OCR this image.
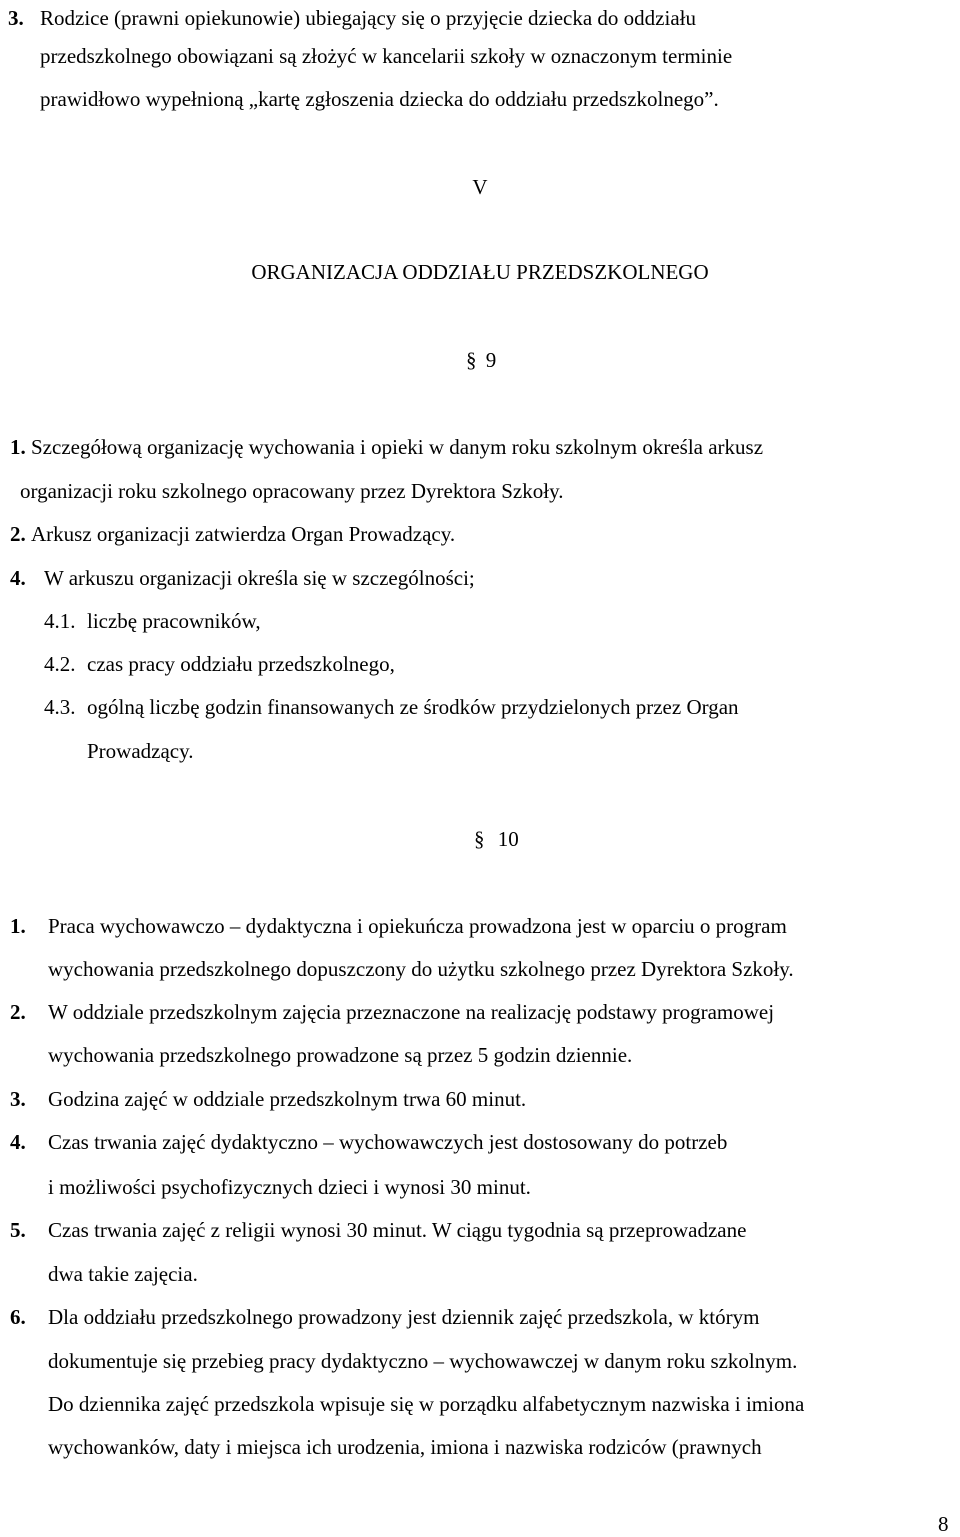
3. Rodzice (prawni opiekunowie) ubiegający się o przyjęcie dziecka do oddziału
przedszkolnego obowiązani są złożyć w kancelarii szkoły w oznaczonym terminie
prawidłowo wypełnioną „kartę zgłoszenia dziecka do oddziału przedszkolnego”.
V
ORGANIZACJA ODDZIAŁU PRZEDSZKOLNEGO
§ 9
1. Szczegółową organizację wychowania i opieki w danym roku szkolnym określa arkusz
organizacji roku szkolnego opracowany przez Dyrektora Szkoły.
2. Arkusz organizacji zatwierdza Organ Prowadzący.
4. W arkuszu organizacji określa się w szczególności;
4.1. liczbę pracowników,
4.2. czas pracy oddziału przedszkolnego,
4.3. ogólną liczbę godzin finansowanych ze środków przydzielonych przez Organ
Prowadzący.
§ 10
1. Praca wychowawczo – dydaktyczna i opiekuńcza prowadzona jest w oparciu o program
wychowania przedszkolnego dopuszczony do użytku szkolnego przez Dyrektora Szkoły.
2. W oddziale przedszkolnym zajęcia przeznaczone na realizację podstawy programowej
wychowania przedszkolnego prowadzone są przez 5 godzin dziennie.
3. Godzina zajęć w oddziale przedszkolnym trwa 60 minut.
4. Czas trwania zajęć dydaktyczno – wychowawczych jest dostosowany do potrzeb
i możliwości psychofizycznych dzieci i wynosi 30 minut.
5. Czas trwania zajęć z religii wynosi 30 minut. W ciągu tygodnia są przeprowadzane
dwa takie zajęcia.
6. Dla oddziału przedszkolnego prowadzony jest dziennik zajęć przedszkola, w którym
dokumentuje się przebieg pracy dydaktyczno – wychowawczej w danym roku szkolnym.
Do dziennika zajęć przedszkola wpisuje się w porządku alfabetycznym nazwiska i imiona
wychowanków, daty i miejsca ich urodzenia, imiona i nazwiska rodziców (prawnych
8
